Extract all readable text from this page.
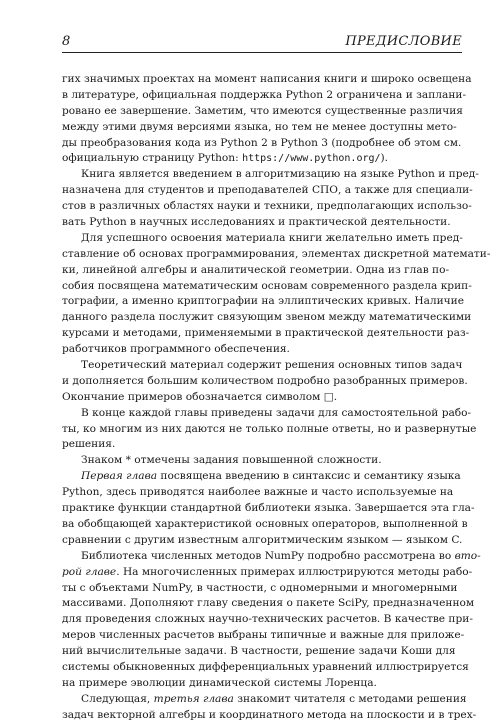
8	ПРЕДИСЛОВИЕ
гих значимых проектах на момент написания книги и широко освещена
в литературе, официальная поддержка Python 2 ограничена и заплани-
ровано ее завершение. Заметим, что имеются существенные различия
между этими двумя версиями языка, но тем не менее доступны мето-
ды преобразования кода из Python 2 в Python 3 (подробнее об этом см.
официальную страницу Python: https://www.python.org/).
Книга является введением в алгоритмизацию на языке Python и пред-
назначена для студентов и преподавателей СПО, а также для специали-
стов в различных областях науки и техники, предполагающих использо-
вать Python в научных исследованиях и практической деятельности.
Для успешного освоения материала книги желательно иметь пред-
ставление об основах программирования, элементах дискретной математи-
ки, линейной алгебры и аналитической геометрии. Одна из глав по-
собия посвящена математическим основам современного раздела крип-
тографии, а именно криптографии на эллиптических кривых. Наличие
данного раздела послужит связующим звеном между математическими
курсами и методами, применяемыми в практической деятельности раз-
работчиков программного обеспечения.
Теоретический материал содержит решения основных типов задач
и дополняется большим количеством подробно разобранных примеров.
Окончание примеров обозначается символом □.
В конце каждой главы приведены задачи для самостоятельной рабо-
ты, ко многим из них даются не только полные ответы, но и развернутые
решения.
Знаком * отмечены задания повышенной сложности.
Первая глава посвящена введению в синтаксис и семантику языка
Python, здесь приводятся наиболее важные и часто используемые на
практике функции стандартной библиотеки языка. Завершается эта гла-
ва обобщающей характеристикой основных операторов, выполненной в
сравнении с другим известным алгоритмическим языком — языком C.
Библиотека численных методов NumPy подробно рассмотрена во вто-
рой главе. На многочисленных примерах иллюстрируются методы рабо-
ты с объектами NumPy, в частности, с одномерными и многомерными
массивами. Дополняют главу сведения о пакете SciPy, предназначенном
для проведения сложных научно-технических расчетов. В качестве при-
меров численных расчетов выбраны типичные и важные для приложе-
ний вычислительные задачи. В частности, решение задачи Коши для
системы обыкновенных дифференциальных уравнений иллюстрируется
на примере эволюции динамической системы Лоренца.
Следующая, третья глава знакомит читателя с методами решения
задач векторной алгебры и координатного метода на плоскости и в трех-
